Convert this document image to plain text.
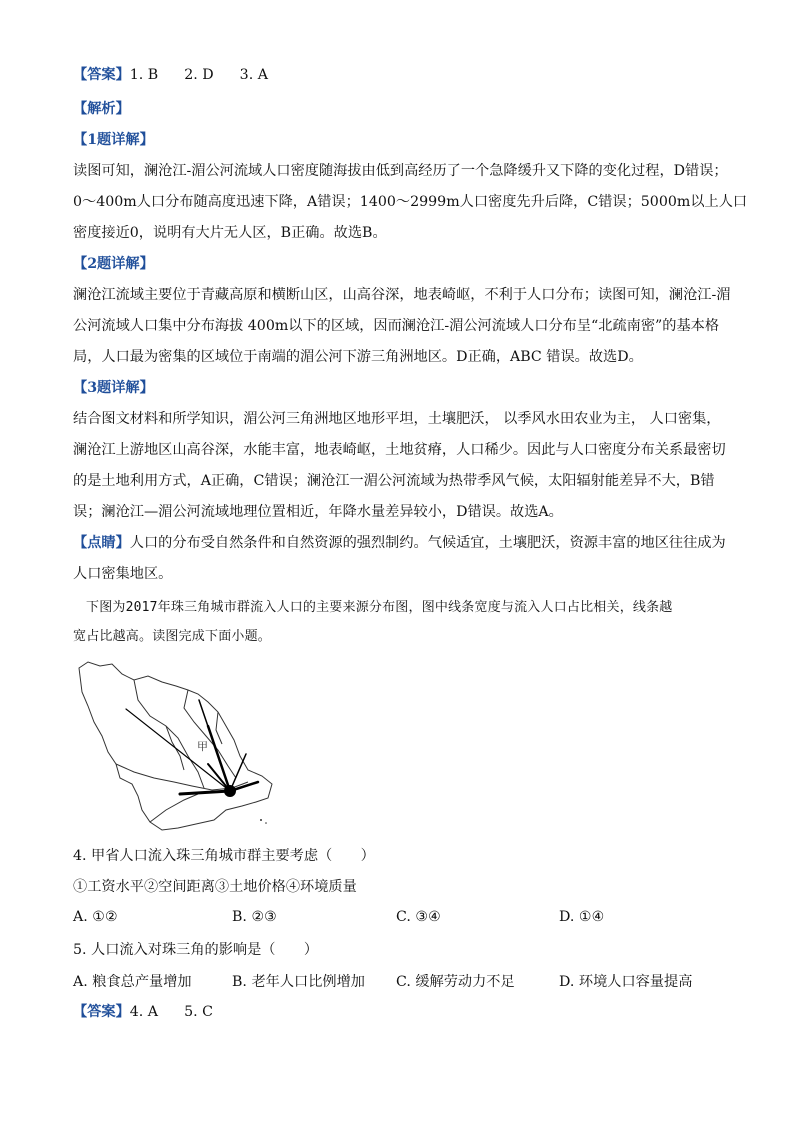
【答案】1. B 2. D 3. A
【解析】
【1题详解】
读图可知，澜沧江-湄公河流域人口密度随海拔由低到高经历了一个急降缓升又下降的变化过程，D错误；
0～400m人口分布随高度迅速下降，A错误；1400～2999m人口密度先升后降，C错误；5000m以上人口
密度接近0，说明有大片无人区，B正确。故选B。
【2题详解】
澜沧江流域主要位于青藏高原和横断山区，山高谷深，地表崎岖，不利于人口分布；读图可知，澜沧江-湄
公河流域人口集中分布海拔 400m以下的区域，因而澜沧江-湄公河流域人口分布呈“北疏南密”的基本格
局，人口最为密集的区域位于南端的湄公河下游三角洲地区。D正确，ABC 错误。故选D。
【3题详解】
结合图文材料和所学知识，湄公河三角洲地区地形平坦，土壤肥沃， 以季风水田农业为主， 人口密集，
澜沧江上游地区山高谷深，水能丰富，地表崎岖，土地贫瘠，人口稀少。因此与人口密度分布关系最密切
的是土地利用方式，A正确，C错误；澜沧江一湄公河流域为热带季风气候，太阳辐射能差异不大，B错
误；澜沧江—湄公河流域地理位置相近，年降水量差异较小，D错误。故选A。
【点睛】人口的分布受自然条件和自然资源的强烈制约。气候适宜，土壤肥沃，资源丰富的地区往往成为
人口密集地区。
下图为2017年珠三角城市群流入人口的主要来源分布图，图中线条宽度与流入人口占比相关，线条越
宽占比越高。读图完成下面小题。
甲
4. 甲省人口流入珠三角城市群主要考虑（　　）
①工资水平②空间距离③土地价格④环境质量
A. ①②	B. ②③	C. ③④	D. ①④
5. 人口流入对珠三角的影响是（　　）
A. 粮食总产量增加	B. 老年人口比例增加 C. 缓解劳动力不足	D. 环境人口容量提高
【答案】4. A 5. C
